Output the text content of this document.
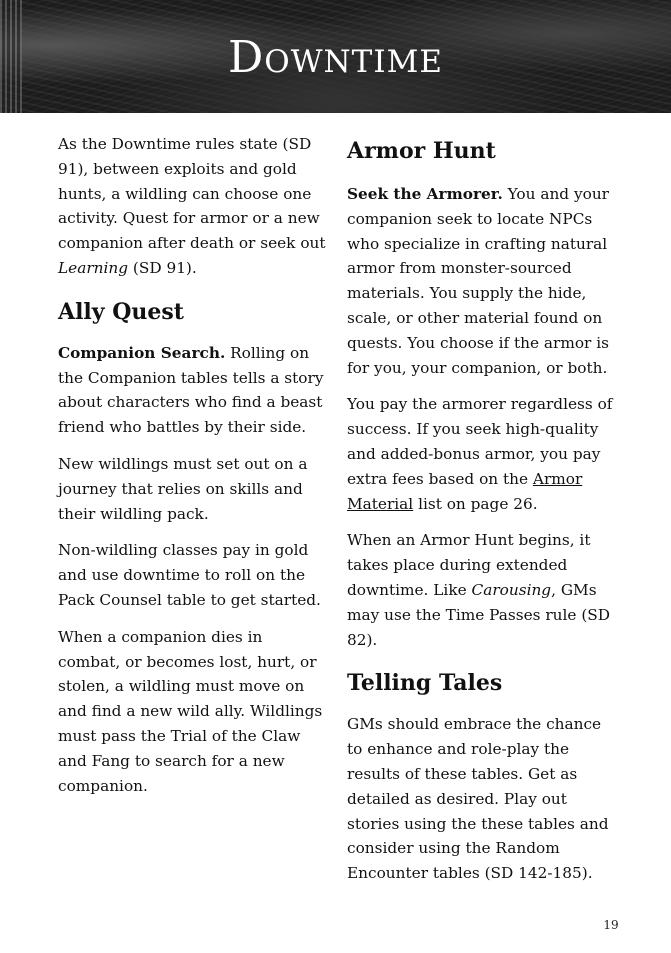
Downtime

As the Downtime rules state (SD 91), between exploits and gold hunts, a wildling can choose one activity. Quest for armor or a new companion after death or seek out Learning (SD 91).

Ally Quest

Companion Search. Rolling on the Companion tables tells a story about characters who find a beast friend who battles by their side.

New wildlings must set out on a journey that relies on skills and their wildling pack.

Non-wildling classes pay in gold and use downtime to roll on the Pack Counsel table to get started.

When a companion dies in combat, or becomes lost, hurt, or stolen, a wildling must move on and find a new wild ally. Wildlings must pass the Trial of the Claw and Fang to search for a new companion.

Armor Hunt

Seek the Armorer. You and your companion seek to locate NPCs who specialize in crafting natural armor from monster-sourced materials. You supply the hide, scale, or other material found on quests. You choose if the armor is for you, your companion, or both.

You pay the armorer regardless of success. If you seek high-quality and added-bonus armor, you pay extra fees based on the Armor Material list on page 26.

When an Armor Hunt begins, it takes place during extended downtime. Like Carousing, GMs may use the Time Passes rule (SD 82).

Telling Tales

GMs should embrace the chance to enhance and role-play the results of these tables. Get as detailed as desired. Play out stories using the these tables and consider using the Random Encounter tables (SD 142-185).

19
